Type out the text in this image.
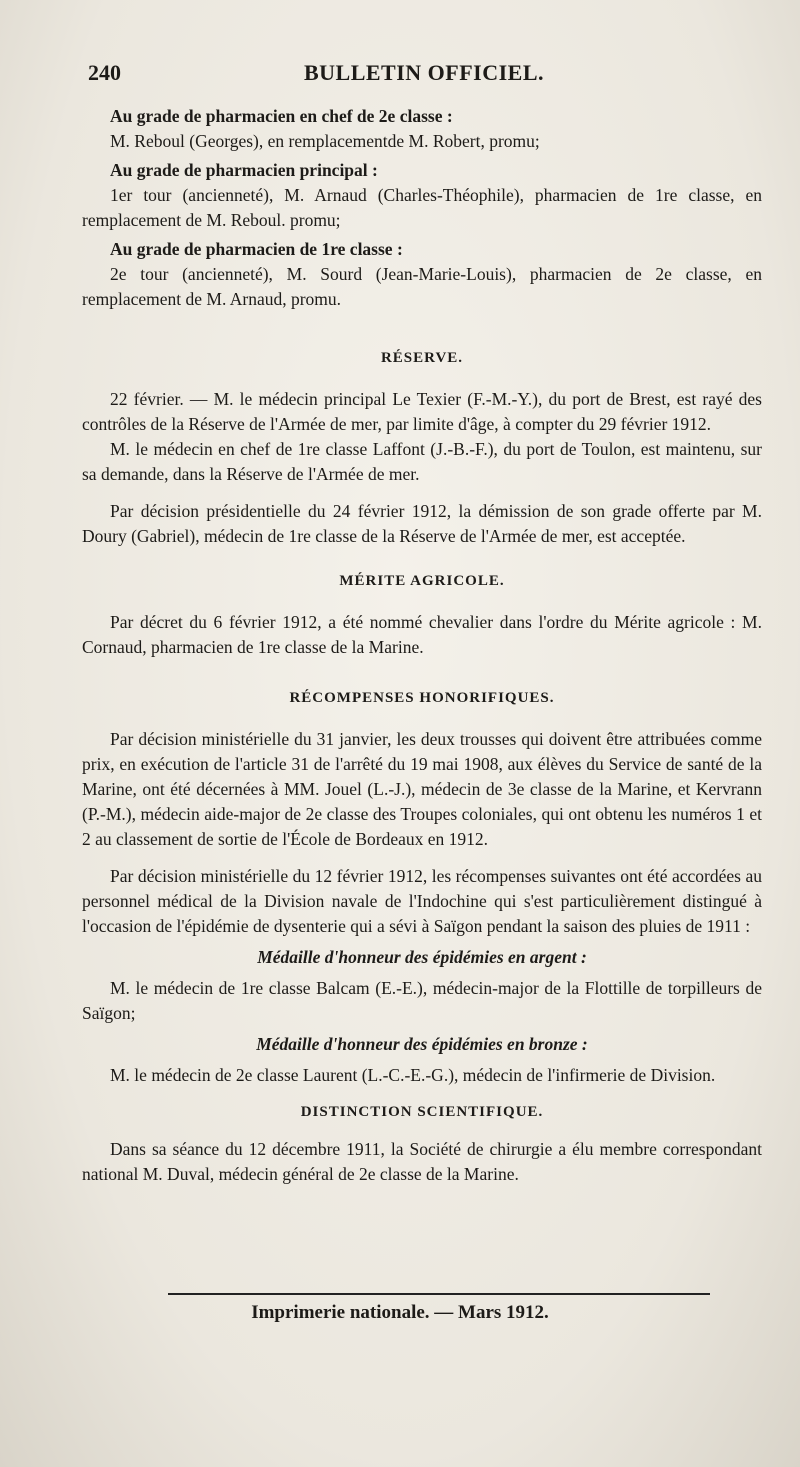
240	BULLETIN OFFICIEL.

Au grade de pharmacien en chef de 2e classe :

M. Reboul (Georges), en remplacementde M. Robert, promu;

Au grade de pharmacien principal :

1er tour (ancienneté), M. Arnaud (Charles-Théophile), pharmacien de 1re classe, en remplacement de M. Reboul. promu;

Au grade de pharmacien de 1re classe :

2e tour (ancienneté), M. Sourd (Jean-Marie-Louis), pharmacien de 2e classe, en remplacement de M. Arnaud, promu.

RÉSERVE.

22 février. — M. le médecin principal Le Texier (F.-M.-Y.), du port de Brest, est rayé des contrôles de la Réserve de l'Armée de mer, par limite d'âge, à compter du 29 février 1912.

M. le médecin en chef de 1re classe Laffont (J.-B.-F.), du port de Toulon, est maintenu, sur sa demande, dans la Réserve de l'Armée de mer.

Par décision présidentielle du 24 février 1912, la démission de son grade offerte par M. Doury (Gabriel), médecin de 1re classe de la Réserve de l'Armée de mer, est acceptée.

MÉRITE AGRICOLE.

Par décret du 6 février 1912, a été nommé chevalier dans l'ordre du Mérite agricole : M. Cornaud, pharmacien de 1re classe de la Marine.

RÉCOMPENSES HONORIFIQUES.

Par décision ministérielle du 31 janvier, les deux trousses qui doivent être attribuées comme prix, en exécution de l'article 31 de l'arrêté du 19 mai 1908, aux élèves du Service de santé de la Marine, ont été décernées à MM. Jouel (L.-J.), médecin de 3e classe de la Marine, et Kervrann (P.-M.), médecin aide-major de 2e classe des Troupes coloniales, qui ont obtenu les numéros 1 et 2 au classement de sortie de l'École de Bordeaux en 1912.

Par décision ministérielle du 12 février 1912, les récompenses suivantes ont été accordées au personnel médical de la Division navale de l'Indochine qui s'est particulièrement distingué à l'occasion de l'épidémie de dysenterie qui a sévi à Saïgon pendant la saison des pluies de 1911 :

Médaille d'honneur des épidémies en argent :

M. le médecin de 1re classe Balcam (E.-E.), médecin-major de la Flottille de torpilleurs de Saïgon;

Médaille d'honneur des épidémies en bronze :

M. le médecin de 2e classe Laurent (L.-C.-E.-G.), médecin de l'infirmerie de Division.

DISTINCTION SCIENTIFIQUE.

Dans sa séance du 12 décembre 1911, la Société de chirurgie a élu membre correspondant national M. Duval, médecin général de 2e classe de la Marine.

Imprimerie nationale. — Mars 1912.
